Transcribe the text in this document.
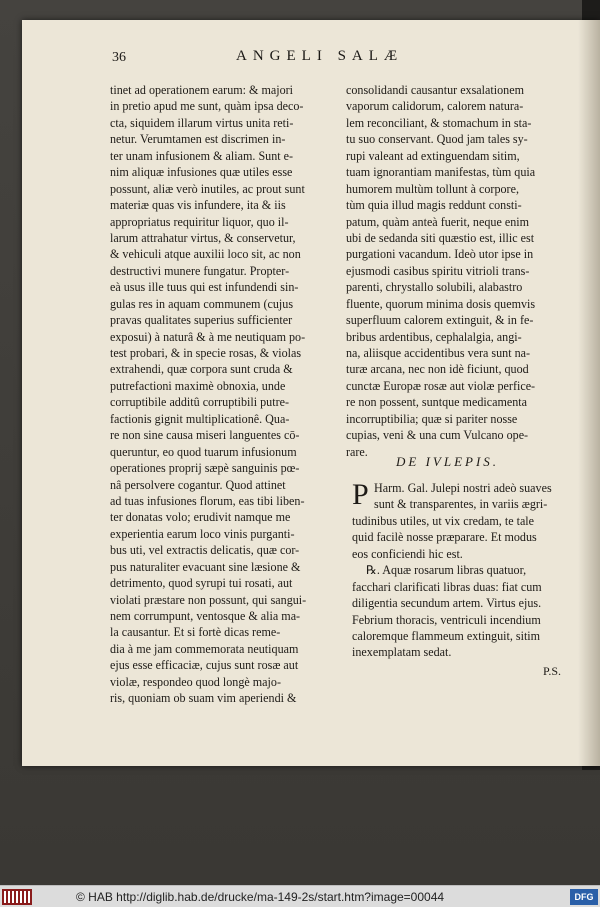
36	ANGELI SALÆ
tinet ad operationem earum: & majori
in pretio apud me sunt, quàm ipsa deco-
cta, siquidem illarum virtus unita reti-
netur. Verumtamen est discrimen in-
ter unam infusionem & aliam. Sunt e-
nim aliquæ infusiones quæ utiles esse
possunt, aliæ verò inutiles, ac prout sunt
materiæ quas vis infundere, ita & iis
appropriatus requiritur liquor, quo il-
larum attrahatur virtus, & conservetur,
& vehiculi atque auxilii loco sit, ac non
destructivi munere fungatur. Propter-
eà usus ille tuus qui est infundendi sin-
gulas res in aquam communem (cujus
pravas qualitates superius sufficienter
exposui) à naturâ & à me neutiquam po-
test probari, & in specie rosas, & violas
extrahendi, quæ corpora sunt cruda &
putrefactioni maximè obnoxia, unde
corruptibile additû corruptibili putre-
factionis gignit multiplicationê. Qua-
re non sine causa miseri languentes cō-
queruntur, eo quod tuarum infusionum
operationes proprij sæpè sanguinis pœ-
nâ persolvere cogantur. Quod attinet
ad tuas infusiones florum, eas tibi liben-
ter donatas volo; erudivit namque me
experientia earum loco vinis purganti-
bus uti, vel extractis delicatis, quæ cor-
pus naturaliter evacuant sine læsione &
detrimento, quod syrupi tui rosati, aut
violati præstare non possunt, qui sangui-
nem corrumpunt, ventosque & alia ma-
la causantur. Et si fortè dicas reme-
dia à me jam commemorata neutiquam
ejus esse efficaciæ, cujus sunt rosæ aut
violæ, respondeo quod longè majo-
ris, quoniam ob suam vim aperiendi &
consolidandi causantur exsalationem
vaporum calidorum, calorem natura-
lem reconciliant, & stomachum in sta-
tu suo conservant. Quod jam tales sy-
rupi valeant ad extinguendam sitim,
tuam ignorantiam manifestas, tùm quia
humorem multùm tollunt à corpore,
tùm quia illud magis reddunt consti-
patum, quàm anteà fuerit, neque enim
ubi de sedanda siti quæstio est, illic est
purgationi vacandum. Ideò utor ipse in
ejusmodi casibus spiritu vitrioli trans-
parenti, chrystallo solubili, alabastro
fluente, quorum minima dosis quemvis
superfluum calorem extinguit, & in fe-
bribus ardentibus, cephalalgia, angi-
na, aliisque accidentibus vera sunt na-
turæ arcana, nec non idè ficiunt, quod
cunctæ Europæ rosæ aut violæ perfice-
re non possent, suntque medicamenta
incorruptibilia; quæ si pariter nosse
cupias, veni & una cum Vulcano ope-
rare.
DE IVLEPIS.
P Harm. Gal. Julepi nostri adeò suaves
sunt & transparentes, in variis ægri-
tudinibus utiles, ut vix credam, te tale
quid facilè nosse præparare. Et modus
eos conficiendi hic est.
℞. Aquæ rosarum libras quatuor,
facchari clarificati libras duas: fiat cum
diligentia secundum artem. Virtus ejus.
Febrium thoracis, ventriculi incendium
caloremque flammeum extinguit, sitim
inexemplatam sedat.
P.S.
© HAB http://diglib.hab.de/drucke/ma-149-2s/start.htm?image=00044	DFG
